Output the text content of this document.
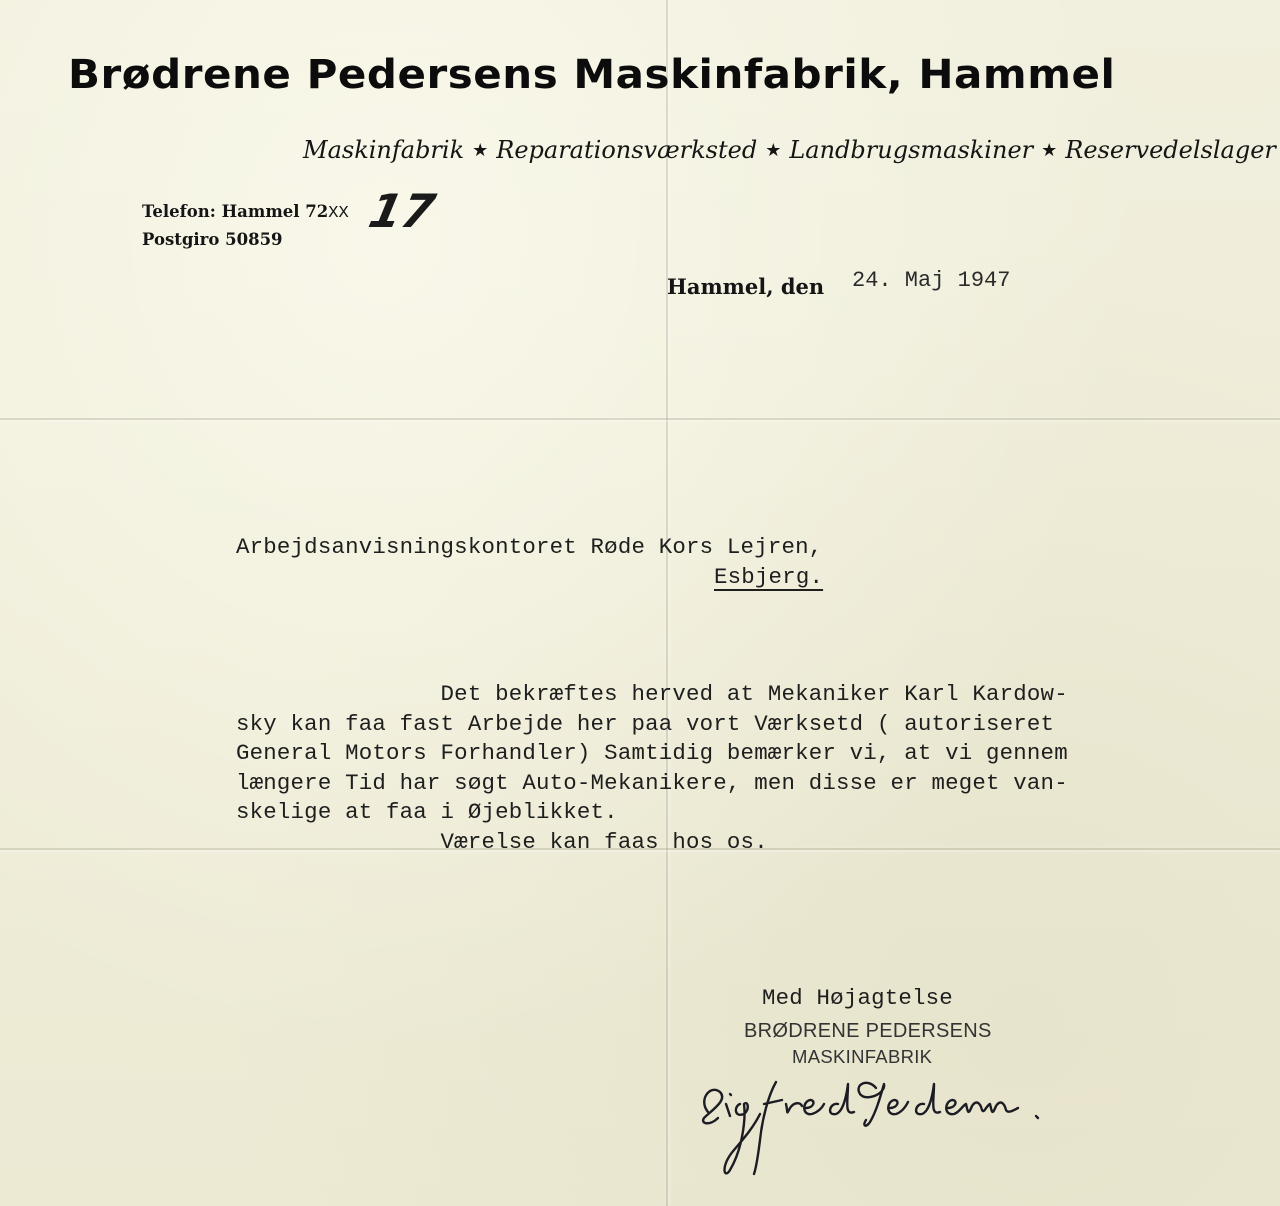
Brødrene Pedersens Maskinfabrik, Hammel
Maskinfabrik ★ Reparationsværksted ★ Landbrugsmaskiner ★ Reservedelslager
Telefon: Hammel 72XX 17
Postgiro 50859
Hammel, den 24. Maj 1947
Arbejdsanvisningskontoret Røde Kors Lejren,
Esbjerg.
Det bekræftes herved at Mekaniker Karl Kardow-
sky kan faa fast Arbejde her paa vort Værksetd ( autoriseret
General Motors Forhandler) Samtidig bemærker vi, at vi gennem
længere Tid har søgt Auto-Mekanikere, men disse er meget van-
skelige at faa i Øjeblikket.
Værelse kan faas hos os.
Med Højagtelse
BRØDRENE PEDERSENS
MASKINFABRIK
